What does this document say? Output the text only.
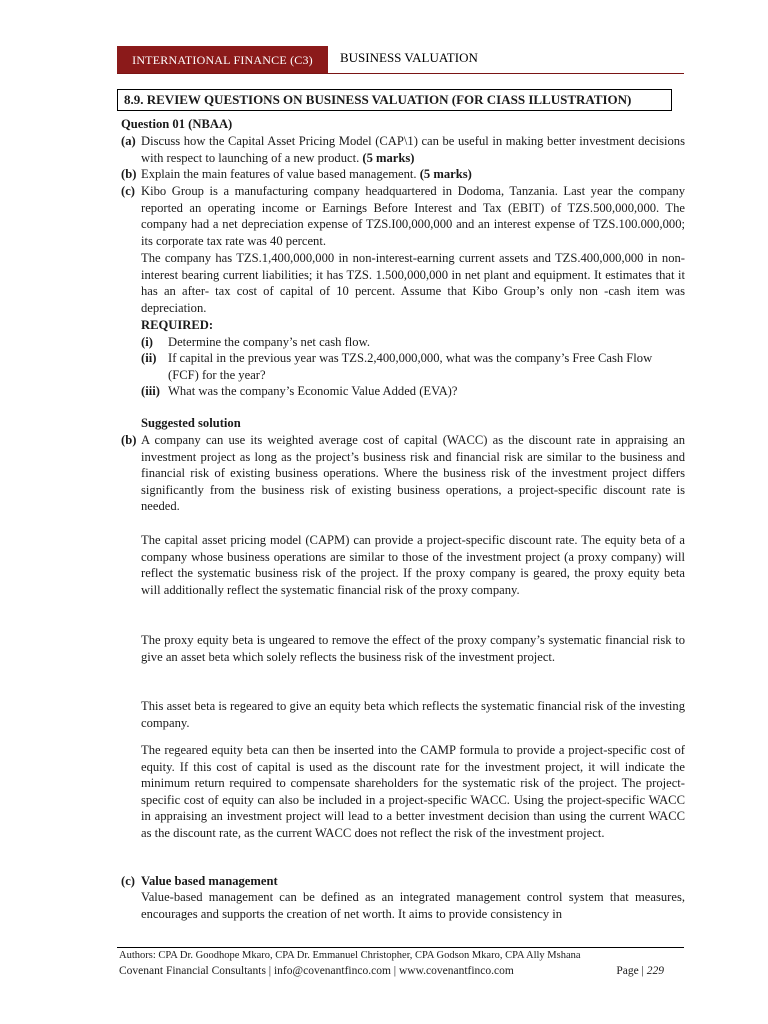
INTERNATIONAL FINANCE (C3)	BUSINESS VALUATION
8.9. REVIEW QUESTIONS ON BUSINESS VALUATION (FOR CIASS ILLUSTRATION)
Question 01 (NBAA)
(a) Discuss how the Capital Asset Pricing Model (CAP\1) can be useful in making better investment decisions with respect to launching of a new product. (5 marks)
(b) Explain the main features of value based management. (5 marks)
(c) Kibo Group is a manufacturing company headquartered in Dodoma, Tanzania. Last year the company reported an operating income or Earnings Before Interest and Tax (EBIT) of TZS.500,000,000. The company had a net depreciation expense of TZS.I00,000,000 and an interest expense of TZS.100.000,000; its corporate tax rate was 40 percent.
The company has TZS.1,400,000,000 in non-interest-earning current assets and TZS.400,000,000 in non-interest bearing current liabilities; it has TZS. 1.500,000,000 in net plant and equipment. It estimates that it has an after- tax cost of capital of 10 percent. Assume that Kibo Group’s only non -cash item was depreciation.
REQUIRED:
(i) Determine the company’s net cash flow.
(ii) If capital in the previous year was TZS.2,400,000,000, what was the company’s Free Cash Flow (FCF) for the year?
(iii) What was the company’s Economic Value Added (EVA)?
Suggested solution
(b) A company can use its weighted average cost of capital (WACC) as the discount rate in appraising an investment project as long as the project’s business risk and financial risk are similar to the business and financial risk of existing business operations. Where the business risk of the investment project differs significantly from the business risk of existing business operations, a project-specific discount rate is needed.
The capital asset pricing model (CAPM) can provide a project-specific discount rate. The equity beta of a company whose business operations are similar to those of the investment project (a proxy company) will reflect the systematic business risk of the project. If the proxy company is geared, the proxy equity beta will additionally reflect the systematic financial risk of the proxy company.
The proxy equity beta is ungeared to remove the effect of the proxy company’s systematic financial risk to give an asset beta which solely reflects the business risk of the investment project.
This asset beta is regeared to give an equity beta which reflects the systematic financial risk of the investing company.
The regeared equity beta can then be inserted into the CAMP formula to provide a project-specific cost of equity. If this cost of capital is used as the discount rate for the investment project, it will indicate the minimum return required to compensate shareholders for the systematic risk of the project. The project-specific cost of equity can also be included in a project-specific WACC. Using the project-specific WACC in appraising an investment project will lead to a better investment decision than using the current WACC as the discount rate, as the current WACC does not reflect the risk of the investment project.
(c) Value based management
Value-based management can be defined as an integrated management control system that measures, encourages and supports the creation of net worth. It aims to provide consistency in
Authors: CPA Dr. Goodhope Mkaro, CPA Dr. Emmanuel Christopher, CPA Godson Mkaro, CPA Ally Mshana
Covenant Financial Consultants | info@covenantfinco.com | www.covenantfinco.com	Page | 229
